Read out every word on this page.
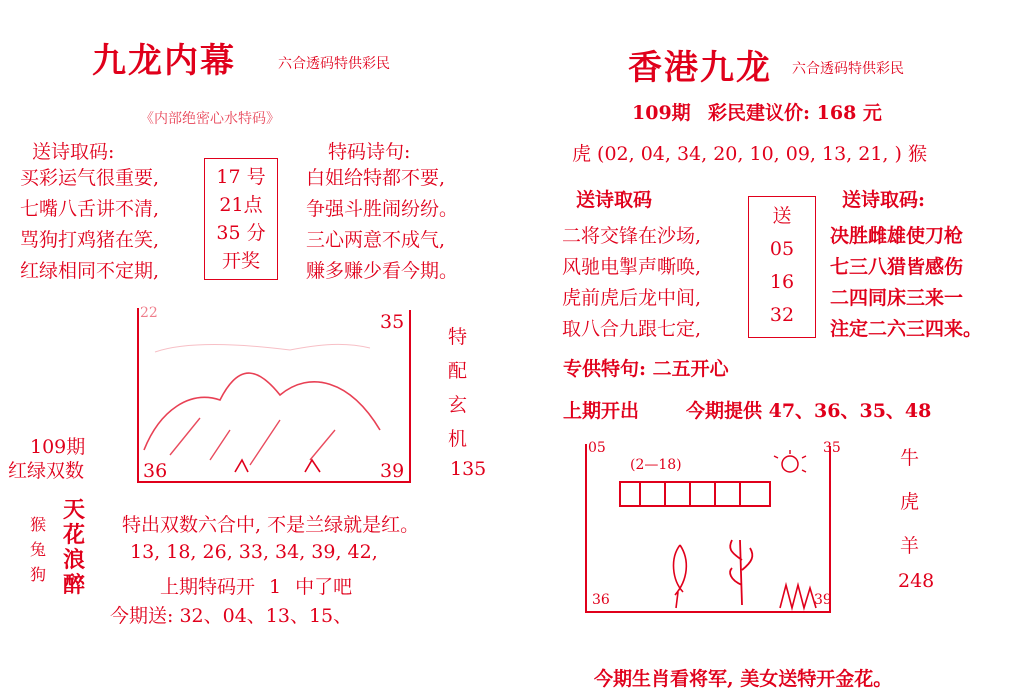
九龙内幕	六合透码特供彩民
《内部绝密心水特码》
送诗取码:
买彩运气很重要,
七嘴八舌讲不清,
骂狗打鸡猪在笑,
红绿相同不定期,
17 号
21点
35 分
开奖
特码诗句:
白姐给特都不要,
争强斗胜闹纷纷。
三心两意不成气,
赚多赚少看今期。
22	35
36	39
特
配
玄
机
135
109期
红绿双数
猴
兔
狗
天
花
浪
醉
特出双数六合中, 不是兰绿就是红。
13, 18, 26, 33, 34, 39, 42,
上期特码开 1 中了吧
今期送: 32、04、13、15、
香港九龙 六合透码特供彩民
109期 彩民建议价: 168 元
虎 (02, 04, 34, 20, 10, 09, 13, 21, ) 猴
送诗取码
二将交锋在沙场,
风驰电掣声嘶唤,
虎前虎后龙中间,
取八合九跟七定,
送
05
16
32
送诗取码:
决胜雌雄使刀枪
七三八猎皆感伤
二四同床三来一
注定二六三四来。
专供特句: 二五开心
上期开出 今期提供 47、36、35、48
05	35
(2—18)
36	39
牛
虎
羊
248
今期生肖看将军, 美女送特开金花。
